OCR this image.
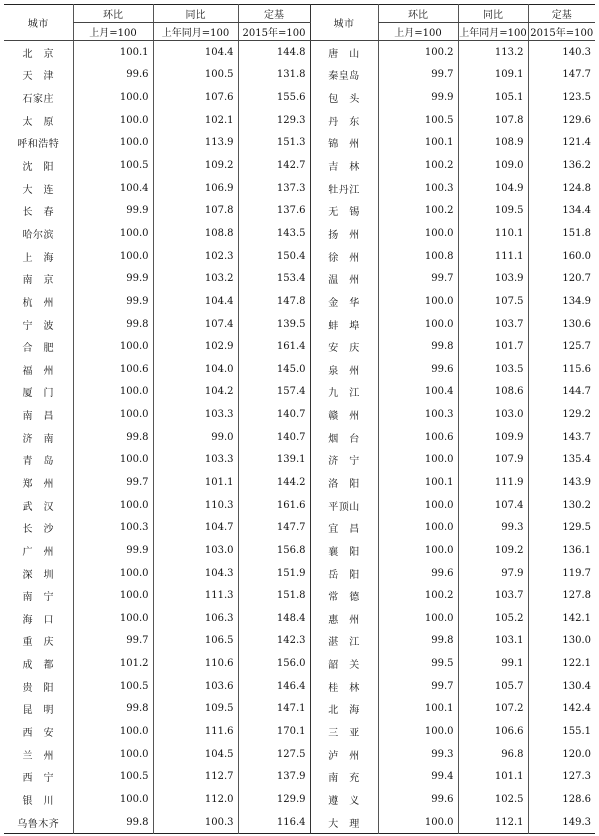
城市	环比	同比	定基	城市	环比	同比	定基
	上月=100	上年同月=100	2015年=100		上月=100	上年同月=100	2015年=100
北　京	100.1	104.4	144.8	唐　山	100.2	113.2	140.3
天　津	99.6	100.5	131.8	秦皇岛	99.7	109.1	147.7
石家庄	100.0	107.6	155.6	包　头	99.9	105.1	123.5
太　原	100.0	102.1	129.3	丹　东	100.5	107.8	129.6
呼和浩特	100.0	113.9	151.3	锦　州	100.1	108.9	121.4
沈　阳	100.5	109.2	142.7	吉　林	100.2	109.0	136.2
大　连	100.4	106.9	137.3	牡丹江	100.3	104.9	124.8
长　春	99.9	107.8	137.6	无　锡	100.2	109.5	134.4
哈尔滨	100.0	108.8	143.5	扬　州	100.0	110.1	151.8
上　海	100.0	102.3	150.4	徐　州	100.8	111.1	160.0
南　京	99.9	103.2	153.4	温　州	99.7	103.9	120.7
杭　州	99.9	104.4	147.8	金　华	100.0	107.5	134.9
宁　波	99.8	107.4	139.5	蚌　埠	100.0	103.7	130.6
合　肥	100.0	102.9	161.4	安　庆	99.8	101.7	125.7
福　州	100.6	104.0	145.0	泉　州	99.6	103.5	115.6
厦　门	100.0	104.2	157.4	九　江	100.4	108.6	144.7
南　昌	100.0	103.3	140.7	赣　州	100.3	103.0	129.2
济　南	99.8	99.0	140.7	烟　台	100.6	109.9	143.7
青　岛	100.0	103.3	139.1	济　宁	100.0	107.9	135.4
郑　州	99.7	101.1	144.2	洛　阳	100.1	111.9	143.9
武　汉	100.0	110.3	161.6	平顶山	100.0	107.4	130.2
长　沙	100.3	104.7	147.7	宜　昌	100.0	99.3	129.5
广　州	99.9	103.0	156.8	襄　阳	100.0	109.2	136.1
深　圳	100.0	104.3	151.9	岳　阳	99.6	97.9	119.7
南　宁	100.0	111.3	151.8	常　德	100.2	103.7	127.8
海　口	100.0	106.3	148.4	惠　州	100.0	105.2	142.1
重　庆	99.7	106.5	142.3	湛　江	99.8	103.1	130.0
成　都	101.2	110.6	156.0	韶　关	99.5	99.1	122.1
贵　阳	100.5	103.6	146.4	桂　林	99.7	105.7	130.4
昆　明	99.8	109.5	147.1	北　海	100.1	107.2	142.4
西　安	100.0	111.6	170.1	三　亚	100.0	106.6	155.1
兰　州	100.0	104.5	127.5	泸　州	99.3	96.8	120.0
西　宁	100.5	112.7	137.9	南　充	99.4	101.1	127.3
银　川	100.0	112.0	129.9	遵　义	99.6	102.5	128.6
乌鲁木齐	99.8	100.3	116.4	大　理	100.0	112.1	149.3
